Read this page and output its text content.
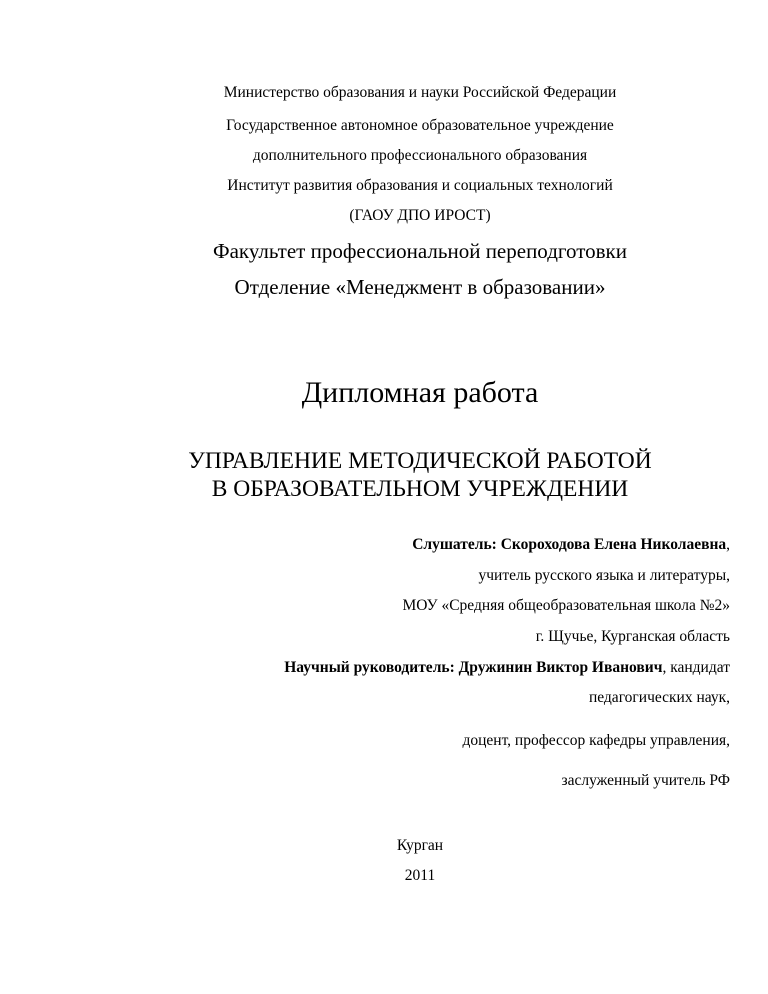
Министерство образования и науки Российской Федерации
Государственное автономное образовательное учреждение
дополнительного профессионального образования
Институт развития образования и социальных технологий
(ГАОУ ДПО ИРОСТ)
Факультет профессиональной переподготовки
Отделение «Менеджмент в образовании»
Дипломная работа
УПРАВЛЕНИЕ МЕТОДИЧЕСКОЙ РАБОТОЙ
В ОБРАЗОВАТЕЛЬНОМ УЧРЕЖДЕНИИ
Слушатель: Скороходова Елена Николаевна,
учитель русского языка и литературы,
МОУ «Средняя общеобразовательная школа №2»
г. Щучье, Курганская область
Научный руководитель: Дружинин Виктор Иванович, кандидат
педагогических наук,
доцент, профессор кафедры управления,
заслуженный учитель РФ
Курган
2011
